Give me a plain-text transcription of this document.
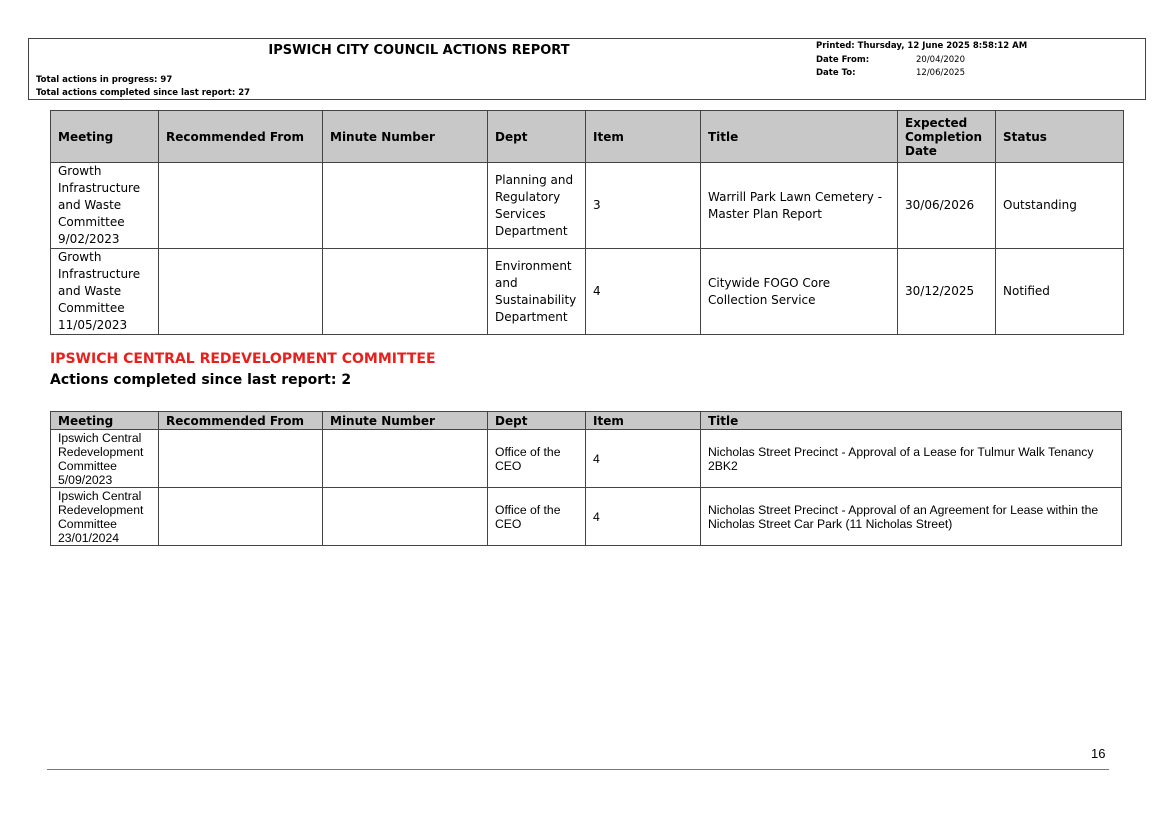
IPSWICH CITY COUNCIL ACTIONS REPORT
Total actions in progress: 97
Total actions completed since last report: 27
Printed: Thursday, 12 June 2025 8:58:12 AM
Date From:	20/04/2020
Date To:	12/06/2025
Meeting	Recommended From	Minute Number	Dept	Item	Title	Expected Completion Date	Status
Growth Infrastructure and Waste Committee 9/02/2023			Planning and Regulatory Services Department	3	Warrill Park Lawn Cemetery - Master Plan Report	30/06/2026	Outstanding
Growth Infrastructure and Waste Committee 11/05/2023			Environment and Sustainability Department	4	Citywide FOGO Core Collection Service	30/12/2025	Notified
IPSWICH CENTRAL REDEVELOPMENT COMMITTEE
Actions completed since last report: 2
Meeting	Recommended From	Minute Number	Dept	Item	Title
Ipswich Central Redevelopment Committee 5/09/2023			Office of the CEO	4	Nicholas Street Precinct - Approval of a Lease for Tulmur Walk Tenancy 2BK2
Ipswich Central Redevelopment Committee 23/01/2024			Office of the CEO	4	Nicholas Street Precinct - Approval of an Agreement for Lease within the Nicholas Street Car Park (11 Nicholas Street)
16
